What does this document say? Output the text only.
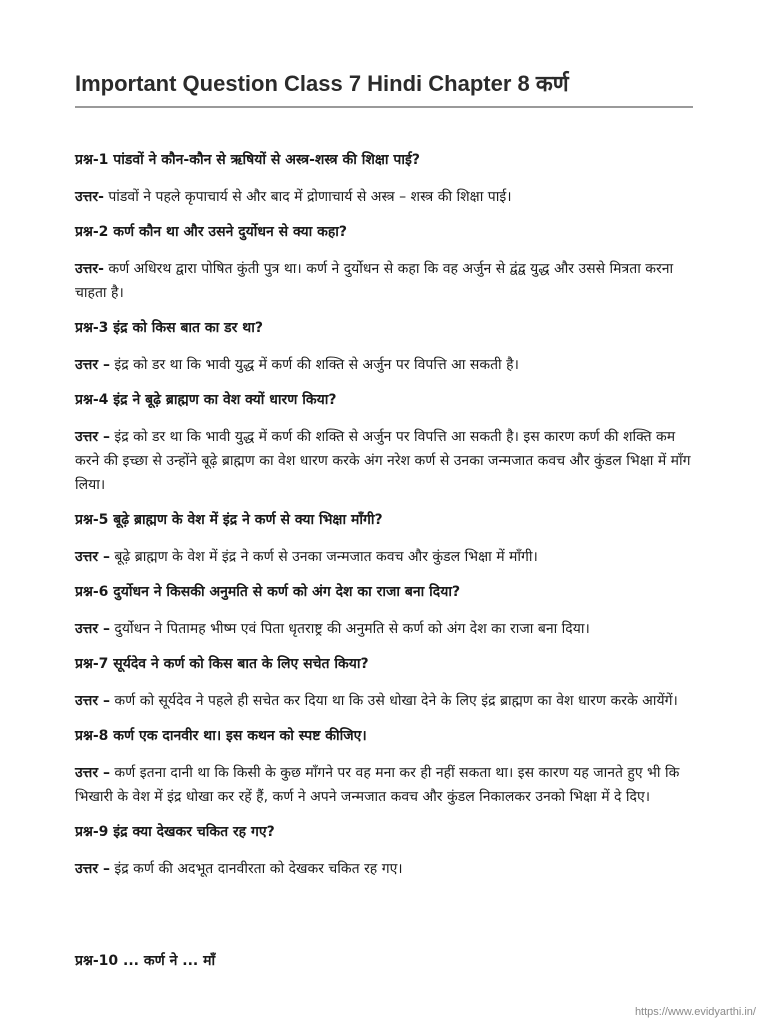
Important Question Class 7 Hindi Chapter 8 कर्ण
प्रश्न-1 पांडवों ने कौन-कौन से ऋषियों से अस्त्र-शस्त्र की शिक्षा पाई?
उत्तर- पांडवों ने पहले कृपाचार्य से और बाद में द्रोणाचार्य से अस्त्र – शस्त्र की शिक्षा पाई।
प्रश्न-2 कर्ण कौन था और उसने दुर्योधन से क्या कहा?
उत्तर- कर्ण अधिरथ द्वारा पोषित कुंती पुत्र था। कर्ण ने दुर्योधन से कहा कि वह अर्जुन से द्वंद्व युद्ध और उससे मित्रता करना चाहता है।
प्रश्न-3 इंद्र को किस बात का डर था?
उत्तर – इंद्र को डर था कि भावी युद्ध में कर्ण की शक्ति से अर्जुन पर विपत्ति आ सकती है।
प्रश्न-4 इंद्र ने बूढ़े ब्राह्मण का वेश क्यों धारण किया?
उत्तर – इंद्र को डर था कि भावी युद्ध में कर्ण की शक्ति से अर्जुन पर विपत्ति आ सकती है। इस कारण कर्ण की शक्ति कम करने की इच्छा से उन्होंने बूढ़े ब्राह्मण का वेश धारण करके अंग नरेश कर्ण से उनका जन्मजात कवच और कुंडल भिक्षा में माँग लिया।
प्रश्न-5 बूढ़े ब्राह्मण के वेश में इंद्र ने कर्ण से क्या भिक्षा माँगी?
उत्तर – बूढ़े ब्राह्मण के वेश में इंद्र ने कर्ण से उनका जन्मजात कवच और कुंडल भिक्षा में माँगी।
प्रश्न-6 दुर्योधन ने किसकी अनुमति से कर्ण को अंग देश का राजा बना दिया?
उत्तर – दुर्योधन ने पितामह भीष्म एवं पिता धृतराष्ट्र की अनुमति से कर्ण को अंग देश का राजा बना दिया।
प्रश्न-7 सूर्यदेव ने कर्ण को किस बात के लिए सचेत किया?
उत्तर – कर्ण को सूर्यदेव ने पहले ही सचेत कर दिया था कि उसे धोखा देने के लिए इंद्र ब्राह्मण का वेश धारण करके आयेंगें।
प्रश्न-8 कर्ण एक दानवीर था। इस कथन को स्पष्ट कीजिए।
उत्तर – कर्ण इतना दानी था कि किसी के कुछ माँगने पर वह मना कर ही नहीं सकता था। इस कारण यह जानते हुए भी कि भिखारी के वेश में इंद्र धोखा कर रहें हैं, कर्ण ने अपने जन्मजात कवच और कुंडल निकालकर उनको भिक्षा में दे दिए।
प्रश्न-9 इंद्र क्या देखकर चकित रह गए?
उत्तर – इंद्र कर्ण की अदभूत दानवीरता को देखकर चकित रह गए।
प्रश्न-10 ... कर्ण ने ... माँ
https://www.evidyarthi.in/
